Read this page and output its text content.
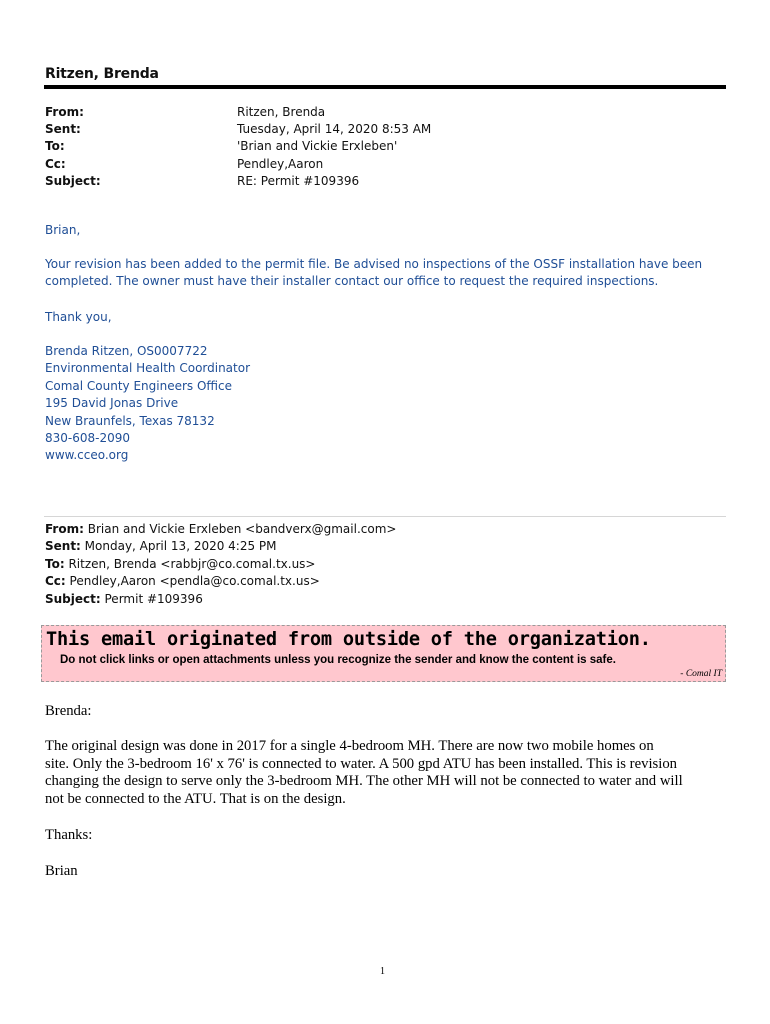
Ritzen, Brenda
From:	Ritzen, Brenda
Sent:	Tuesday, April 14, 2020 8:53 AM
To:	'Brian and Vickie Erxleben'
Cc:	Pendley,Aaron
Subject:	RE: Permit #109396
Brian,
Your revision has been added to the permit file. Be advised no inspections of the OSSF installation have been
completed. The owner must have their installer contact our office to request the required inspections.
Thank you,
Brenda Ritzen, OS0007722
Environmental Health Coordinator
Comal County Engineers Office
195 David Jonas Drive
New Braunfels, Texas 78132
830-608-2090
www.cceo.org
From: Brian and Vickie Erxleben <bandverx@gmail.com>
Sent: Monday, April 13, 2020 4:25 PM
To: Ritzen, Brenda <rabbjr@co.comal.tx.us>
Cc: Pendley,Aaron <pendla@co.comal.tx.us>
Subject: Permit #109396
This email originated from outside of the organization.
Do not click links or open attachments unless you recognize the sender and know the content is safe.
- Comal IT
Brenda:
The original design was done in 2017 for a single 4-bedroom MH. There are now two mobile homes on
site. Only the 3-bedroom 16' x 76' is connected to water. A 500 gpd ATU has been installed. This is revision
changing the design to serve only the 3-bedroom MH. The other MH will not be connected to water and will
not be connected to the ATU. That is on the design.
Thanks:
Brian
1
